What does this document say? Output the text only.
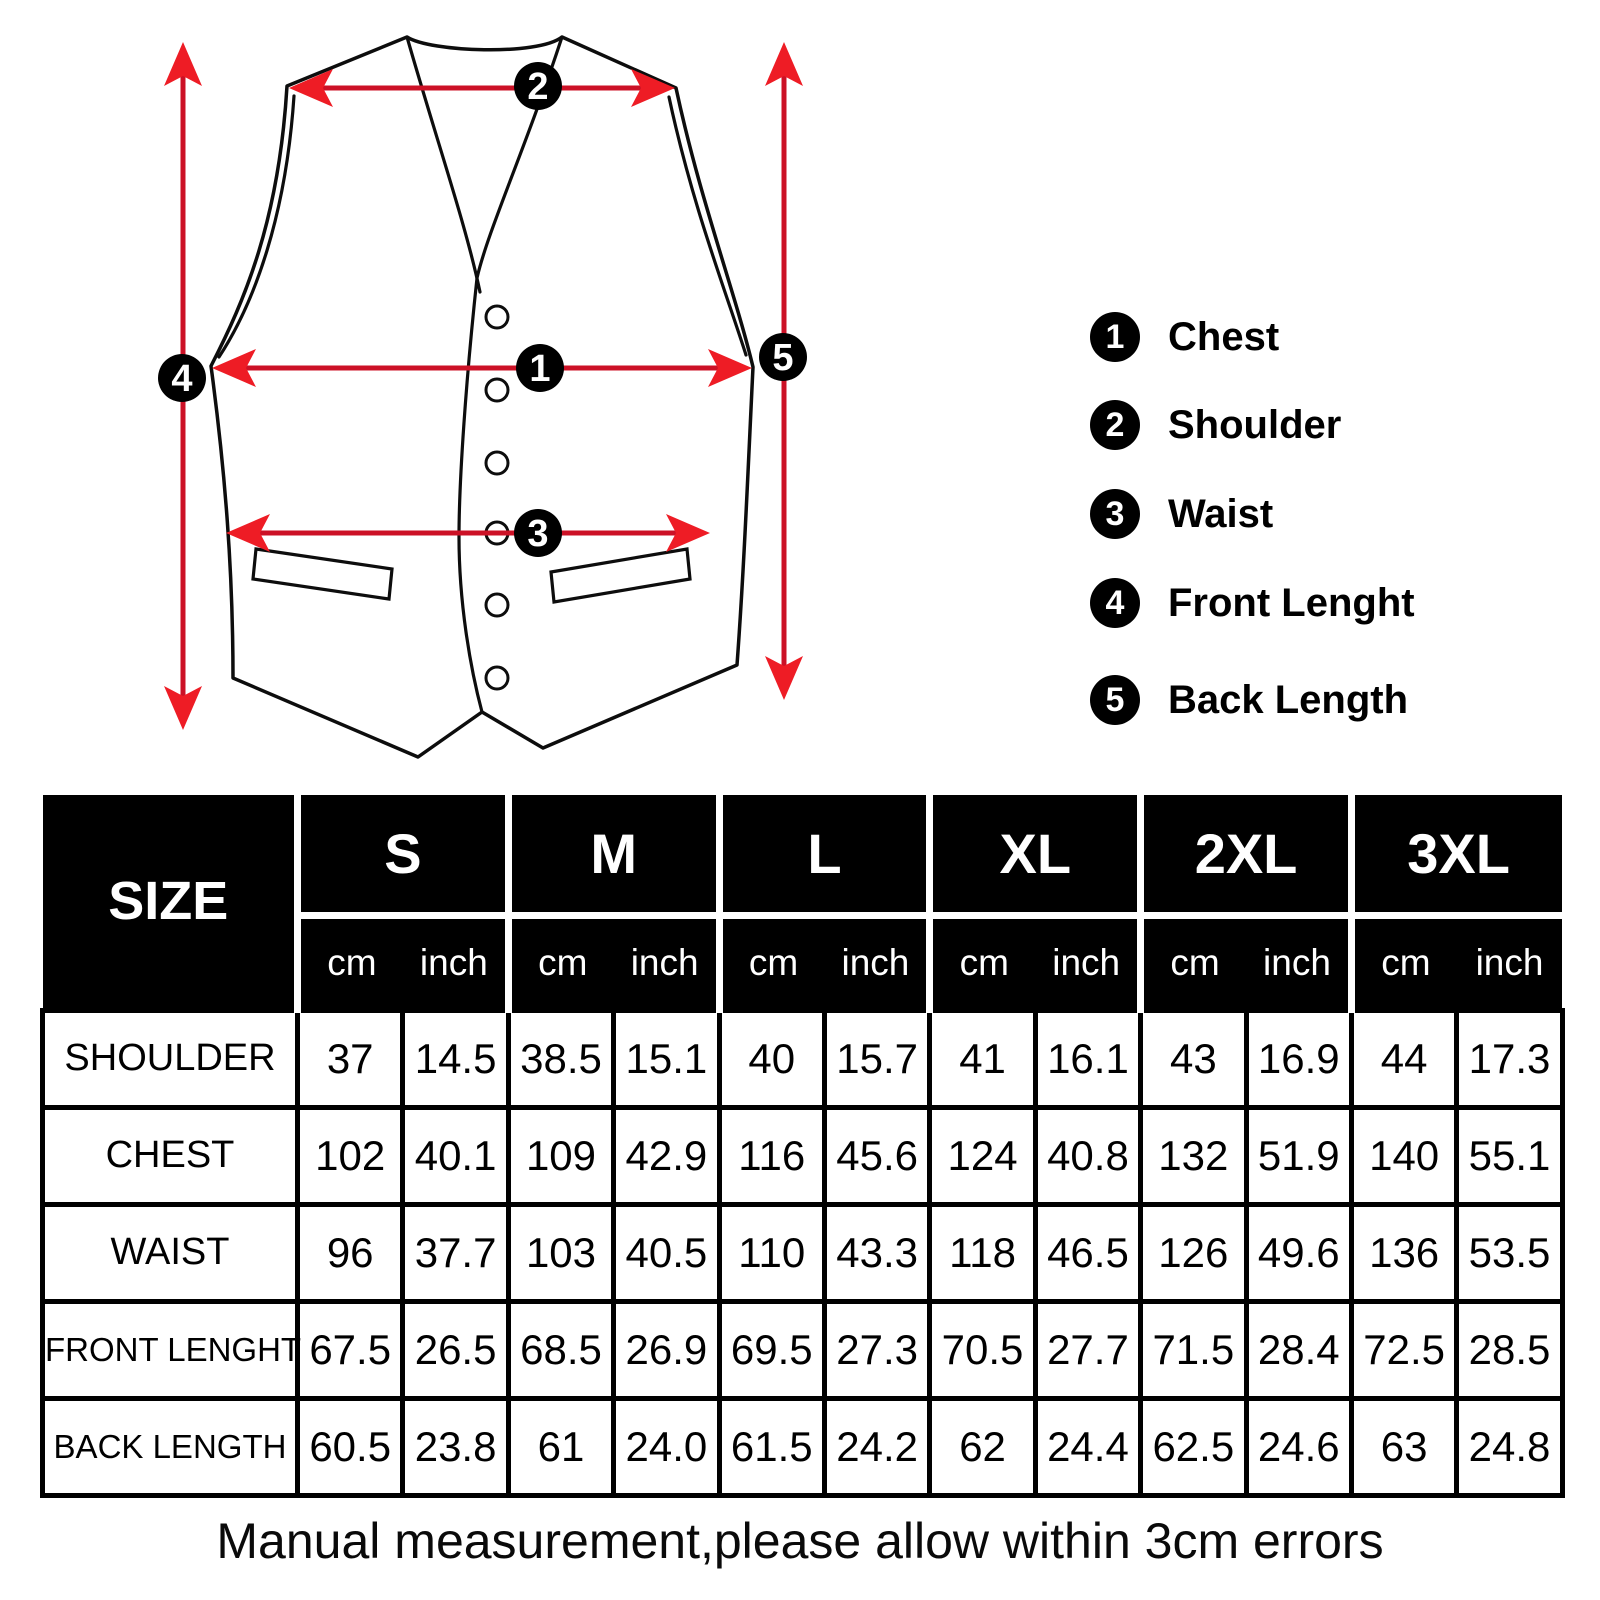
1
2
3
4	5	1	Chest
2	Shoulder
3	Waist
4	Front Lenght
5	Back Length
SIZE	S		M		L		XL		2XL		3XL	
	cm	inch	cm	inch	cm	inch	cm	inch	cm	inch	cm	inch
SHOULDER	37	14.5	38.5	15.1	40	15.7	41	16.1	43	16.9	44	17.3
CHEST	102	40.1	109	42.9	116	45.6	124	40.8	132	51.9	140	55.1
WAIST	96	37.7	103	40.5	110	43.3	118	46.5	126	49.6	136	53.5
FRONT LENGHT	67.5	26.5	68.5	26.9	69.5	27.3	70.5	27.7	71.5	28.4	72.5	28.5
BACK LENGTH	60.5	23.8	61	24.0	61.5	24.2	62	24.4	62.5	24.6	63	24.8
Manual measurement,please allow within 3cm errors
